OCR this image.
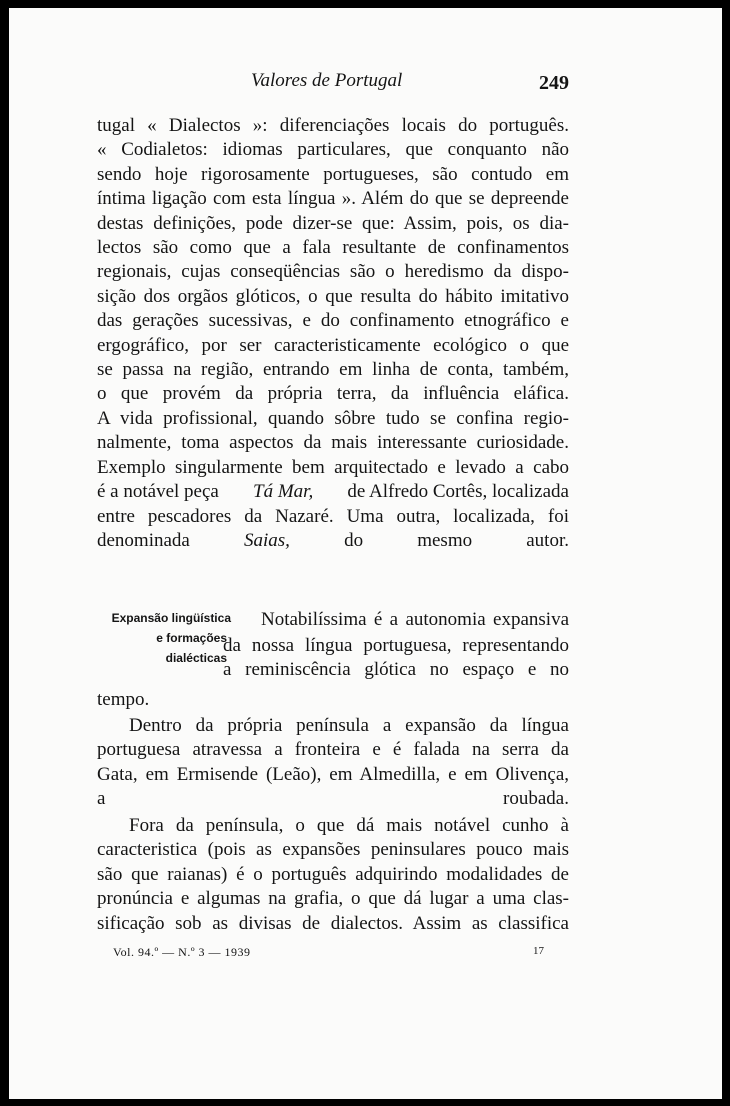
Valores de Portugal	249
tugal « Dialectos »: diferenciações locais do português.
« Codialetos: idiomas particulares, que conquanto não
sendo hoje rigorosamente portugueses, são contudo em
íntima ligação com esta língua ». Além do que se depreende
destas definições, pode dizer-se que: Assim, pois, os dia-
lectos são como que a fala resultante de confinamentos
regionais, cujas conseqüências são o heredismo da dispo-
sição dos orgãos glóticos, o que resulta do hábito imitativo
das gerações sucessivas, e do confinamento etnográfico e
ergográfico, por ser caracteristicamente ecológico o que
se passa na região, entrando em linha de conta, também,
o que provém da própria terra, da influência eláfica.
A vida profissional, quando sôbre tudo se confina regio-
nalmente, toma aspectos da mais interessante curiosidade.
Exemplo singularmente bem arquitectado e levado a cabo
é a notável peça Tá Mar, de Alfredo Cortês, localizada
entre pescadores da Nazaré. Uma outra, localizada, foi
denominada	Saias,	do mesmo autor.
Expansão lingüística
e formações
dialécticas
Notabilíssima é a autonomia expansiva
da nossa língua portuguesa, representando
a reminiscência glótica no espaço e no
tempo.
Dentro da própria península a expansão da língua
portuguesa atravessa a fronteira e é falada na serra da
Gata, em Ermisende (Leão), em Almedilla, e em Olivença,
a roubada.
Fora da península, o que dá mais notável cunho à
caracteristica (pois as expansões peninsulares pouco mais
são que raianas) é o português adquirindo modalidades de
pronúncia e algumas na grafia, o que dá lugar a uma clas-
sificação sob as divisas de dialectos. Assim as classifica
Vol. 94.º — N.º 3 — 1939	17
